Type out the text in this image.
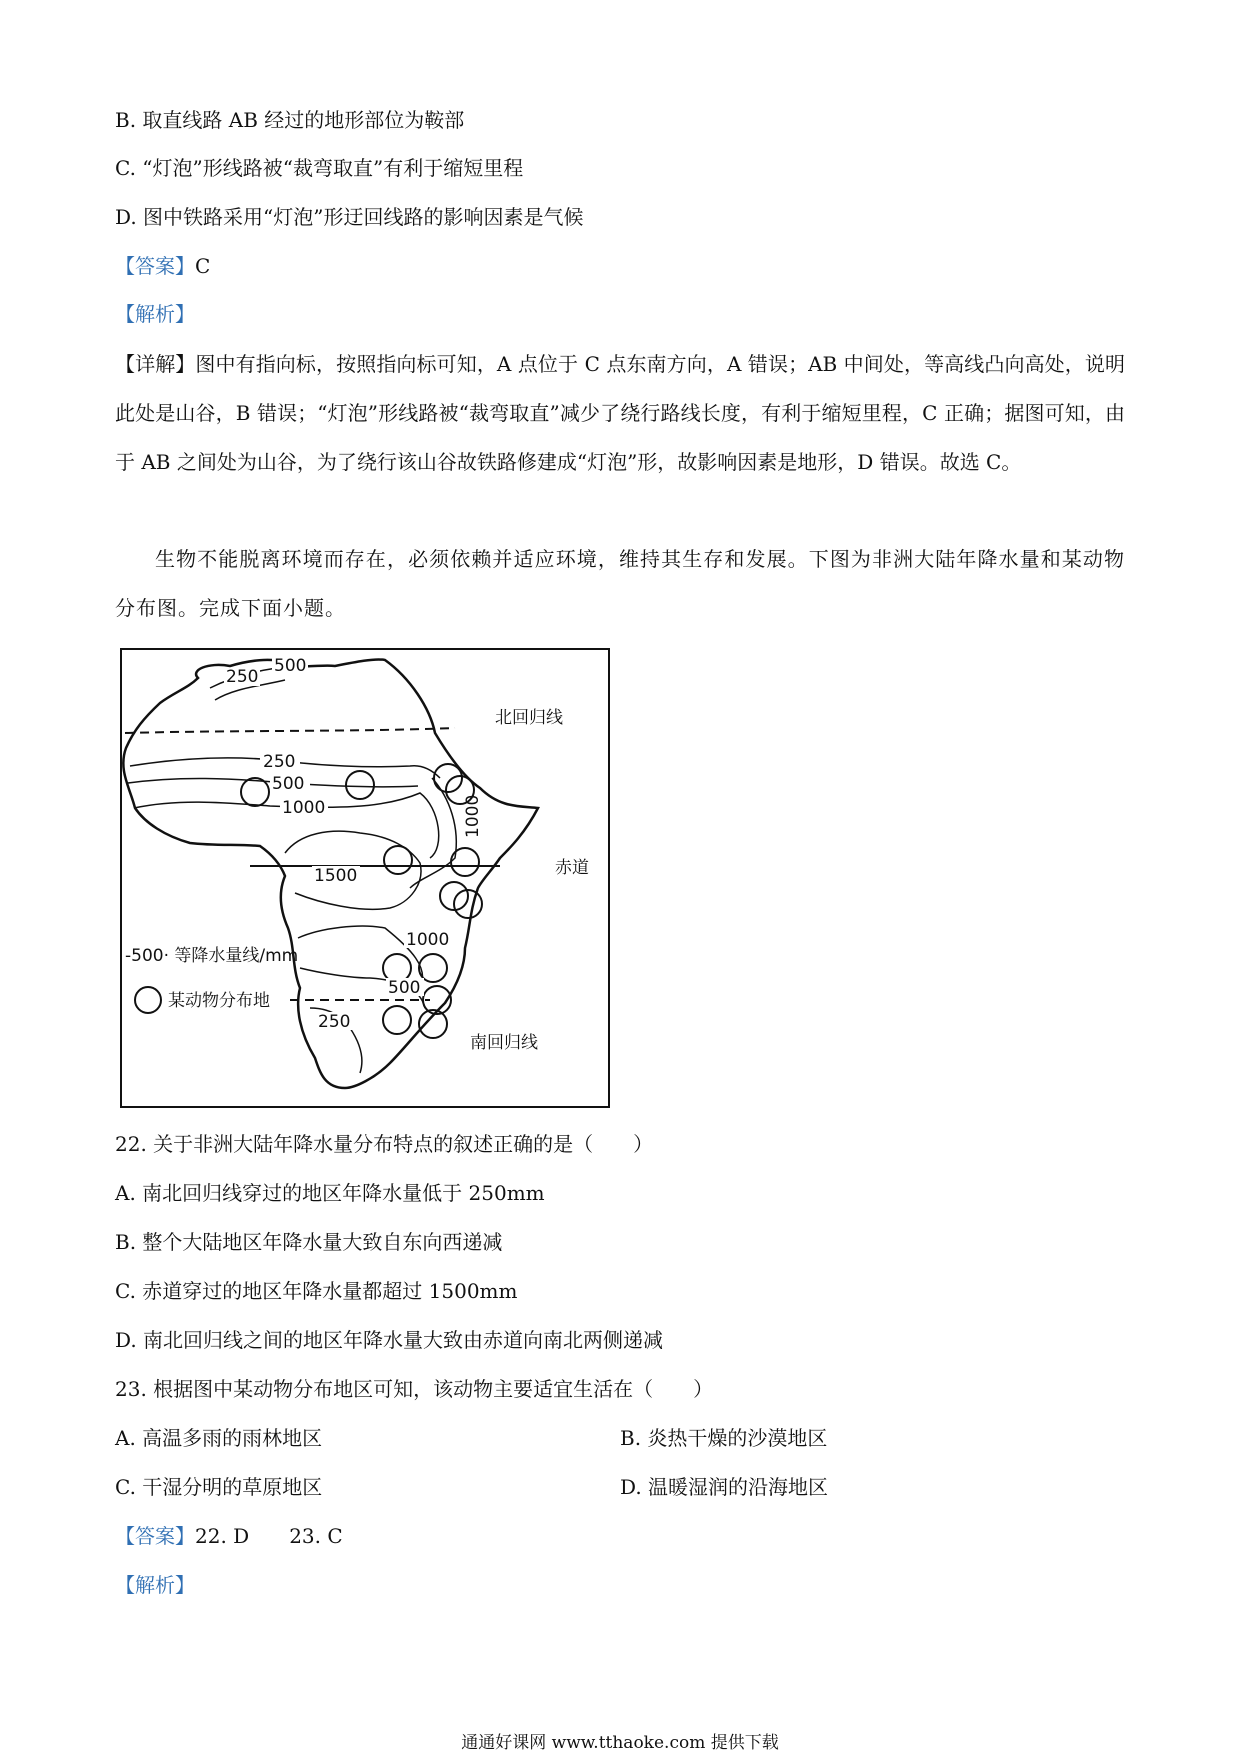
B. 取直线路 AB 经过的地形部位为鞍部
C. “灯泡”形线路被“裁弯取直”有利于缩短里程
D. 图中铁路采用“灯泡”形迂回线路的影响因素是气候
【答案】C
【解析】
【详解】图中有指向标，按照指向标可知，A 点位于 C 点东南方向，A 错误；AB 中间处，等高线凸向高处，说明此处是山谷，B 错误；“灯泡”形线路被“裁弯取直”减少了绕行路线长度，有利于缩短里程，C 正确；据图可知，由于 AB 之间处为山谷，为了绕行该山谷故铁路修建成“灯泡”形，故影响因素是地形，D 错误。故选 C。
生物不能脱离环境而存在，必须依赖并适应环境，维持其生存和发展。下图为非洲大陆年降水量和某动物分布图。完成下面小题。
500
250
250
500
1000	1000
1500
1000
500
250
北回归线
赤道
南回归线
-500· 等降水量线/mm
某动物分布地
22. 关于非洲大陆年降水量分布特点的叙述正确的是（　　）
A. 南北回归线穿过的地区年降水量低于 250mm
B. 整个大陆地区年降水量大致自东向西递减
C. 赤道穿过的地区年降水量都超过 1500mm
D. 南北回归线之间的地区年降水量大致由赤道向南北两侧递减
23. 根据图中某动物分布地区可知，该动物主要适宜生活在（　　）
A. 高温多雨的雨林地区	B. 炎热干燥的沙漠地区
C. 干湿分明的草原地区	D. 温暖湿润的沿海地区
【答案】22. D　　23. C
【解析】
通通好课网 www.tthaoke.com 提供下载
